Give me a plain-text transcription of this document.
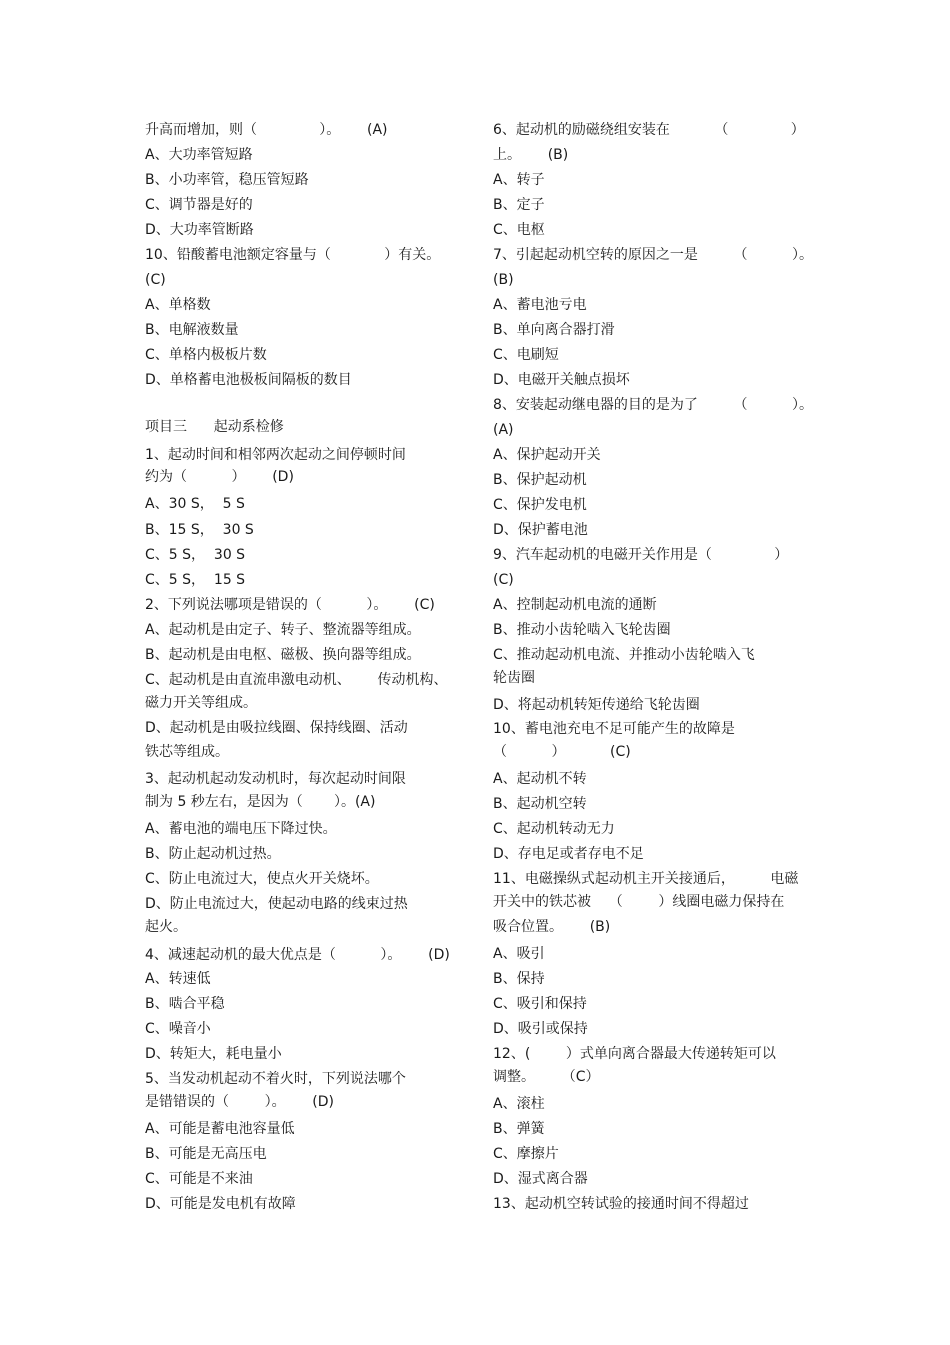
升高而增加，则（              ）。      (A)
A、大功率管短路
B、小功率管，稳压管短路
C、调节器是好的
D、大功率管断路
10、铅酸蓄电池额定容量与（            ）有关。
(C)
A、单格数
B、电解液数量
C、单格内极板片数
D、单格蓄电池极板间隔板的数目
项目三      起动系检修
1、起动时间和相邻两次起动之间停顿时间
约为（          ）      (D)
A、30 S，  5 S
B、15 S，  30 S
C、5 S，  30 S
C、5 S，  15 S
2、下列说法哪项是错误的（          ）。      (C)
A、起动机是由定子、转子、整流器等组成。
B、起动机是由电枢、磁极、换向器等组成。
C、起动机是由直流串激电动机、      传动机构、
磁力开关等组成。
D、起动机是由吸拉线圈、保持线圈、活动
铁芯等组成。
3、起动机起动发动机时，每次起动时间限
制为 5 秒左右，是因为（       ）。(A)
A、蓄电池的端电压下降过快。
B、防止起动机过热。
C、防止电流过大，使点火开关烧坏。
D、防止电流过大，使起动电路的线束过热
起火。
4、减速起动机的最大优点是（          ）。      (D)
A、转速低
B、啮合平稳
C、噪音小
D、转矩大，耗电量小
5、当发动机起动不着火时，下列说法哪个
是错错误的（        ）。      (D)
A、可能是蓄电池容量低
B、可能是无高压电
C、可能是不来油
D、可能是发电机有故障
6、起动机的励磁绕组安装在          （              ）
上。      (B)
A、转子
B、定子
C、电枢
7、引起起动机空转的原因之一是        （          ）。
(B)
A、蓄电池亏电
B、单向离合器打滑
C、电刷短
D、电磁开关触点损坏
8、安装起动继电器的目的是为了        （          ）。
(A)
A、保护起动开关
B、保护起动机
C、保护发电机
D、保护蓄电池
9、汽车起动机的电磁开关作用是（              ）
(C)
A、控制起动机电流的通断
B、推动小齿轮啮入飞轮齿圈
C、推动起动机电流、并推动小齿轮啮入飞
轮齿圈
D、将起动机转矩传递给飞轮齿圈
10、蓄电池充电不足可能产生的故障是
（          ）          (C)
A、起动机不转
B、起动机空转
C、起动机转动无力
D、存电足或者存电不足
11、电磁操纵式起动机主开关接通后，        电磁
开关中的铁芯被    （        ）线圈电磁力保持在
吸合位置。      (B)
A、吸引
B、保持
C、吸引和保持
D、吸引或保持
12、(        ）式单向离合器最大传递转矩可以
调整。      （C）
A、滚柱
B、弹簧
C、摩擦片
D、湿式离合器
13、起动机空转试验的接通时间不得超过
